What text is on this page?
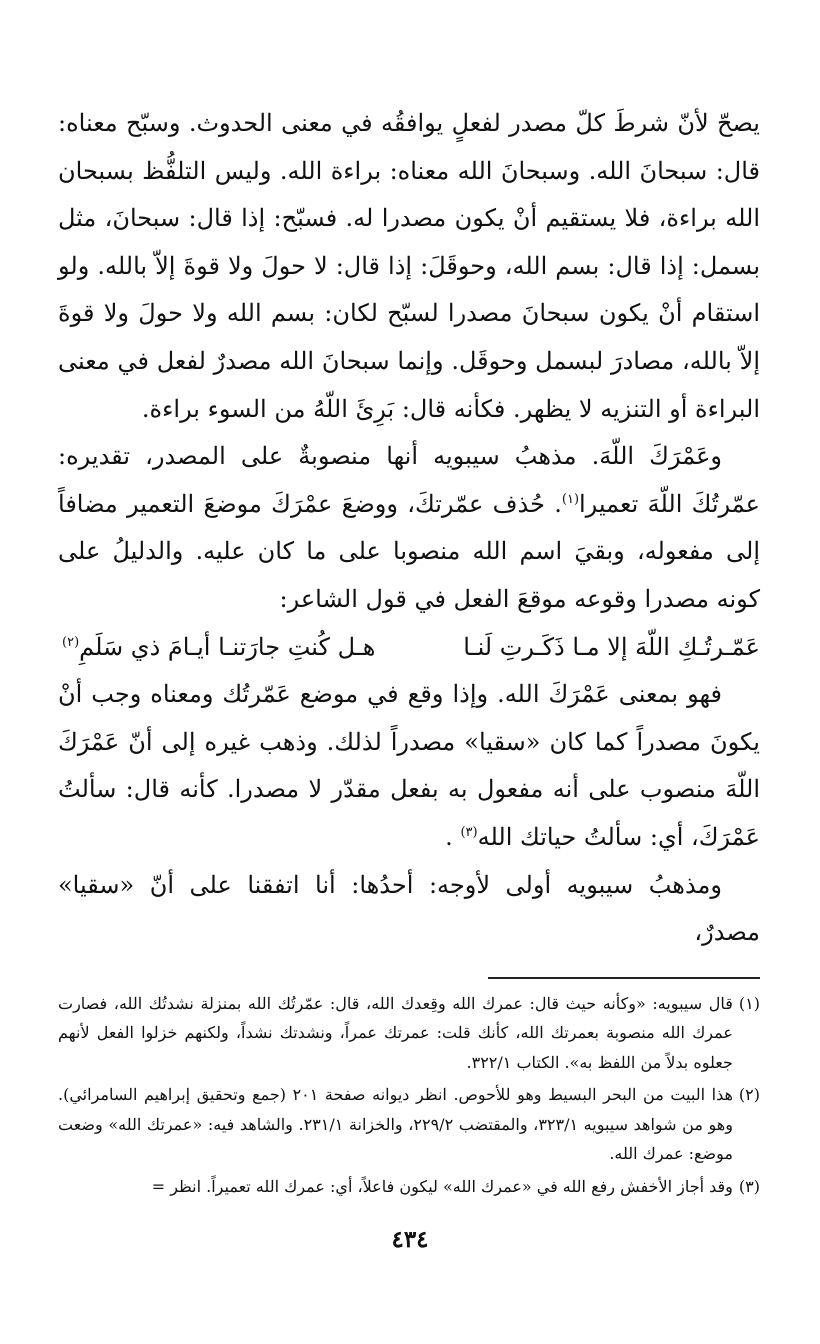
يصحّ لأنّ شرطَ كلّ مصدر لفعلٍ يوافقُه في معنى الحدوث. وسبّح معناه: قال: سبحانَ الله. وسبحانَ الله معناه: براءة الله. وليس التلفُّظ بسبحان الله براءة، فلا يستقيم أنْ يكون مصدرا له. فسبّح: إذا قال: سبحانَ، مثل بسمل: إذا قال: بسم الله، وحوقَلَ: إذا قال: لا حولَ ولا قوةَ إلاّ بالله. ولو استقام أنْ يكون سبحانَ مصدرا لسبّح لكان: بسم الله ولا حولَ ولا قوةَ إلاّ بالله، مصادرَ لبسمل وحوقَل. وإنما سبحانَ الله مصدرٌ لفعل في معنى البراءة أو التنزيه لا يظهر. فكأنه قال: بَرِئَ اللّهُ من السوء براءة.

وعَمْرَكَ اللّهَ. مذهبُ سيبويه أنها منصوبةٌ على المصدر، تقديره: عمّرتُكَ اللّهَ تعميرا$^{(١)}$. حُذف عمّرتكَ، ووضعَ عمْرَكَ موضعَ التعمير مضافاً إلى مفعوله، وبقيَ اسم الله منصوبا على ما كان عليه. والدليلُ على كونه مصدرا وقوعه موقعَ الفعل في قول الشاعر:

عَمّـرتُـكِ اللّهَ إلا مـا ذَكَـرتِ لَنـا
هـل كُنتِ جارَتنـا أيـامَ ذي سَلَمِ$^{(٢)}$

فهو بمعنى عَمْرَكَ الله. وإذا وقع في موضع عَمّرتُك ومعناه وجب أنْ يكونَ مصدراً كما كان «سقيا» مصدراً لذلك. وذهب غيره إلى أنّ عَمْرَكَ اللّهَ منصوب على أنه مفعول به بفعل مقدّر لا مصدرا. كأنه قال: سألتُ عَمْرَكَ، أي: سألتُ حياتك الله$^{(٣)}$ .

ومذهبُ سيبويه أولى لأوجه: أحدُها: أنا اتفقنا على أنّ «سقيا» مصدرٌ،

(١)
قال سيبويه: «وكأنه حيث قال: عمرك الله وقِعدك الله، قال: عمّرتُك الله بمنزلة نشدتُك الله، فصارت عمرك الله منصوبة بعمرتك الله، كأنك قلت: عمرتك عمراً، ونشدتك نشداً، ولكنهم خزلوا الفعل لأنهم جعلوه بدلاً من اللفظ به». الكتاب ٣٢٢/١.
(٢)
هذا البيت من البحر البسيط وهو للأحوص. انظر ديوانه صفحة ٢٠١ (جمع وتحقيق إبراهيم السامرائي). وهو من شواهد سيبويه ٣٢٣/١، والمقتضب ٢٢٩/٢، والخزانة ٢٣١/١. والشاهد فيه: «عمرتك الله» وضعت موضع: عمرك الله.
(٣)
وقد أجاز الأخفش رفع الله في «عمرك الله» ليكون فاعلاً، أي: عمرك الله تعميراً. انظر =
٤٣٤
